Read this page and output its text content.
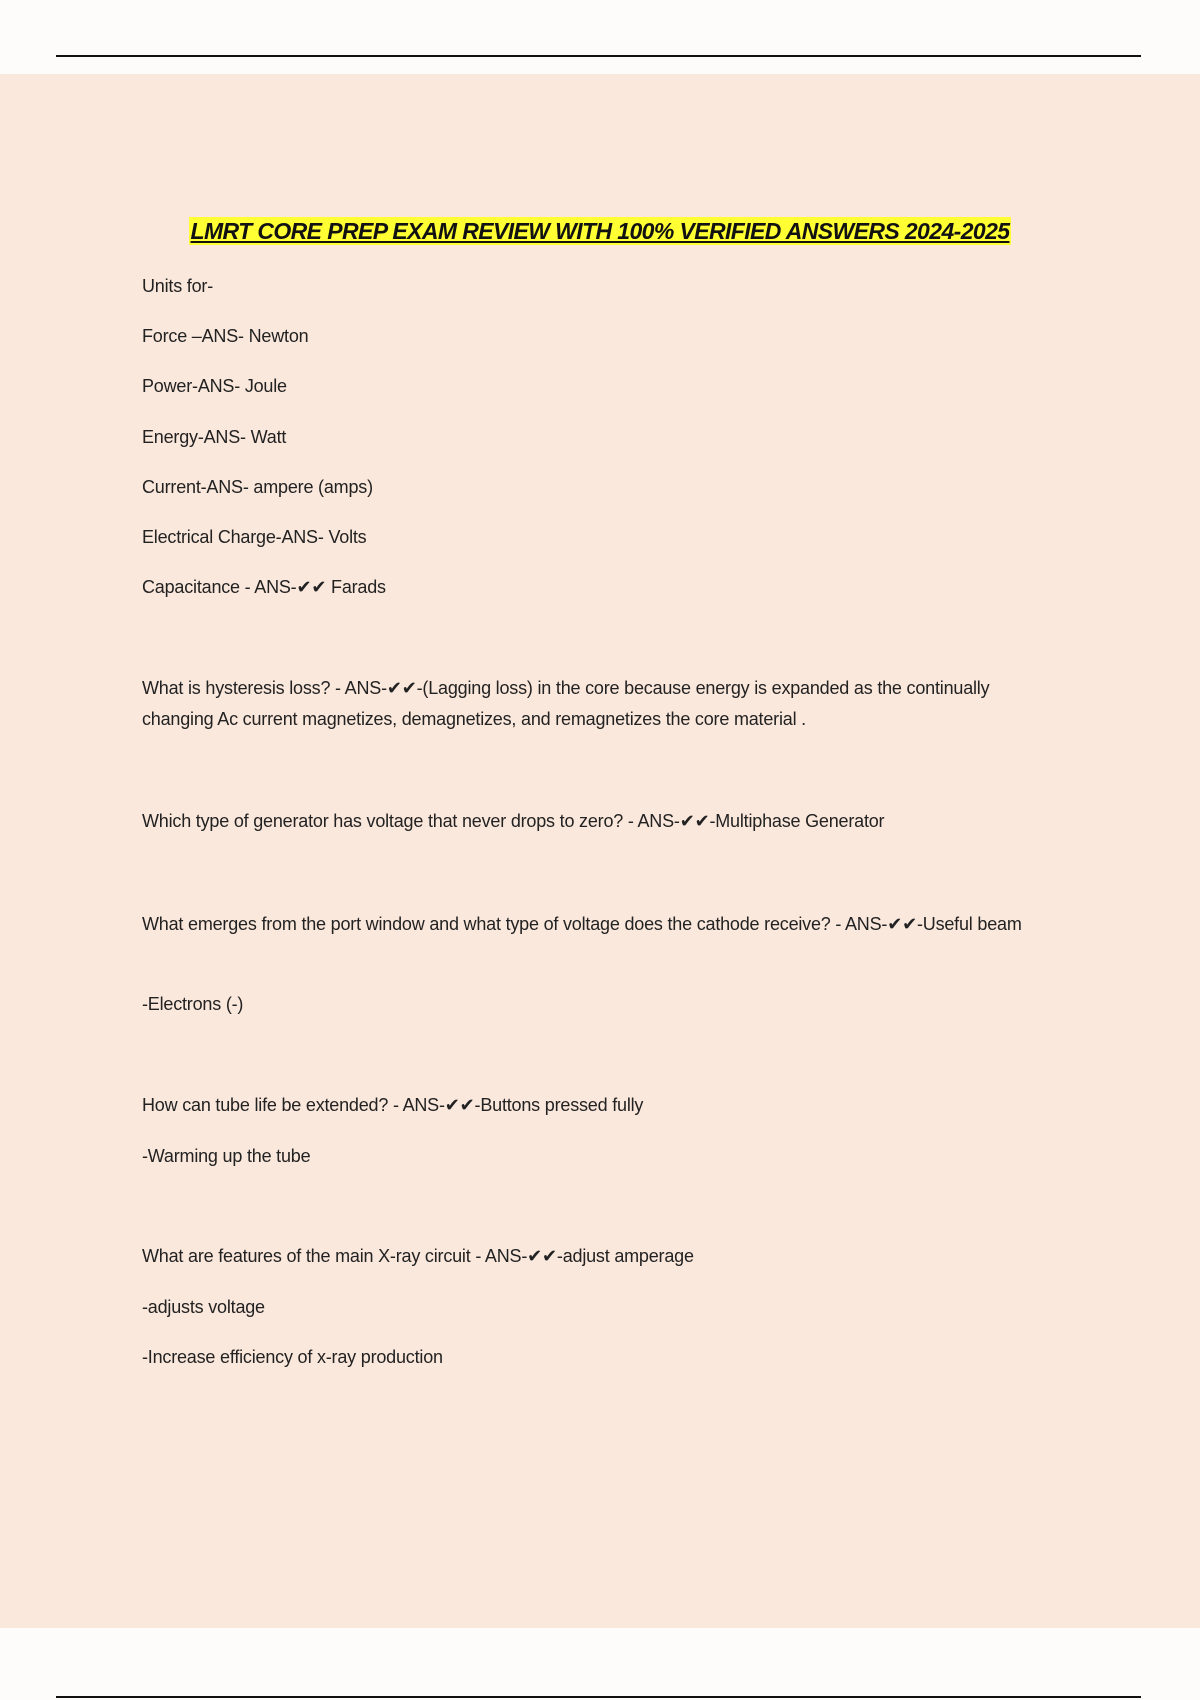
LMRT CORE PREP EXAM REVIEW WITH 100% VERIFIED ANSWERS 2024-2025
Units for-
Force –ANS- Newton
Power-ANS- Joule
Energy-ANS- Watt
Current-ANS- ampere (amps)
Electrical Charge-ANS- Volts
Capacitance - ANS-✔✔ Farads
What is hysteresis loss? - ANS-✔✔-(Lagging loss) in the core because energy is expanded as the continually changing Ac current magnetizes, demagnetizes, and remagnetizes the core material .
Which type of generator has voltage that never drops to zero? - ANS-✔✔-Multiphase Generator
What emerges from the port window and what type of voltage does the cathode receive? - ANS-✔✔-Useful beam
-Electrons (-)
How can tube life be extended? - ANS-✔✔-Buttons pressed fully
-Warming up the tube
What are features of the main X-ray circuit - ANS-✔✔-adjust amperage
-adjusts voltage
-Increase efficiency of x-ray production
